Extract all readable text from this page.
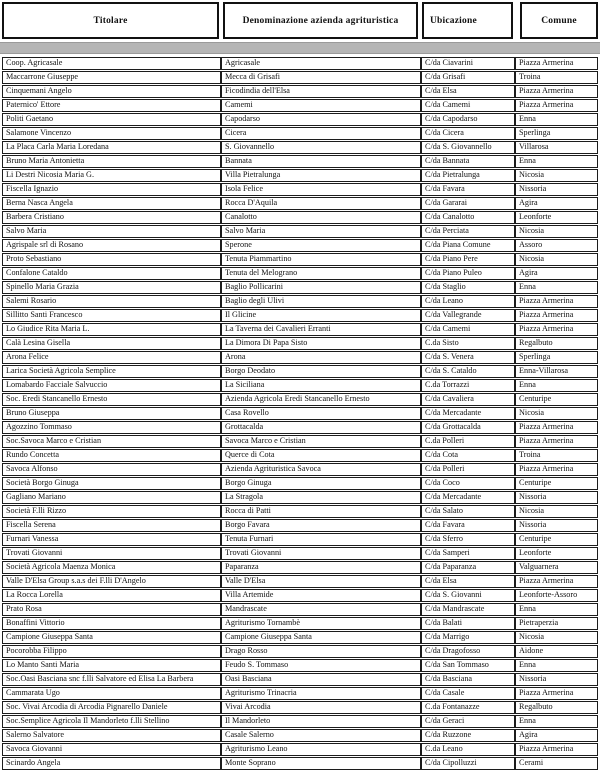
Titolare	Denominazione azienda agrituristica	Ubicazione	Comune
Coop. Agricasale	Agricasale	C/da Ciavarini	Piazza Armerina
Maccarrone Giuseppe	Mecca di Grisafi	C/da Grisafi	Troina
Cinquemani Angelo	Ficodindia dell'Elsa	C/da Elsa	Piazza Armerina
Paternico' Ettore	Camemi	C/da Camemi	Piazza Armerina
Politi Gaetano	Capodarso	C/da Capodarso	Enna
Salamone Vincenzo	Cicera	C/da Cicera	Sperlinga
La Placa Carla Maria Loredana	S. Giovannello	C/da S. Giovannello	Villarosa
Bruno Maria Antonietta	Bannata	C/da Bannata	Enna
Li Destri Nicosia Maria G.	Villa Pietralunga	C/da Pietralunga	Nicosia
Fiscella Ignazio	Isola Felice	C/da Favara	Nissoria
Berna Nasca Angela	Rocca D'Aquila	C/da Gararai	Agira
Barbera Cristiano	Canalotto	C/da Canalotto	Leonforte
Salvo Maria	Salvo Maria	C/da Perciata	Nicosia
Agrispale srl di Rosano	Sperone	C/da Piana Comune	Assoro
Proto Sebastiano	Tenuta Piammartino	C/da Piano Pere	Nicosia
Confalone Cataldo	Tenuta del Melograno	C/da Piano Puleo	Agira
Spinello Maria Grazia	Baglio Pollicarini	C/da Staglio	Enna
Salemi Rosario	Baglio degli Ulivi	C/da Leano	Piazza Armerina
Sillitto Santi Francesco	Il Glicine	C/da Vallegrande	Piazza Armerina
Lo Giudice Rita Maria L.	La Taverna dei Cavalieri Erranti	C/da Camemi	Piazza Armerina
Calà Lesina Gisella	La Dimora Di Papa Sisto	C.da Sisto	Regalbuto
Arona Felice	Arona	C/da S. Venera	Sperlinga
Larica Società Agricola Semplice	Borgo Deodato	C/da S. Cataldo	Enna-Villarosa
Lomabardo Facciale Salvuccio	La Siciliana	C.da Torrazzi	Enna
Soc. Eredi Stancanello Ernesto	Azienda Agricola Eredi Stancanello Ernesto	C/da Cavaliera	Centuripe
Bruno Giuseppa	Casa Rovello	C/da Mercadante	Nicosia
Agozzino Tommaso	Grottacalda	C/da Grottacalda	Piazza Armerina
Soc.Savoca Marco e Cristian	Savoca Marco e Cristian	C.da Polleri	Piazza Armerina
Rundo Concetta	Querce di Cota	C/da Cota	Troina
Savoca Alfonso	Azienda Agrituristica Savoca	C/da Polleri	Piazza Armerina
Società Borgo Ginuga	Borgo Ginuga	C/da Coco	Centuripe
Gagliano Mariano	La Stragola	C/da Mercadante	Nissoria
Società F.lli Rizzo	Rocca di Patti	C/da Salato	Nicosia
Fiscella Serena	Borgo Favara	C/da Favara	Nissoria
Furnari Vanessa	Tenuta Furnari	C/da Sferro	Centuripe
Trovati Giovanni	Trovati Giovanni	C/da Samperi	Leonforte
Società Agricola Maenza Monica	Paparanza	C/da Paparanza	Valguarnera
Valle D'Elsa Group s.a.s dei F.lli D'Angelo	Valle D'Elsa	C/da Elsa	Piazza Armerina
La Rocca Lorella	Villa Artemide	C/da S. Giovanni	Leonforte-Assoro
Prato Rosa	Mandrascate	C/da Mandrascate	Enna
Bonaffini Vittorio	Agriturismo Tornambè	C/da Balati	Pietraperzia
Campione Giuseppa Santa	Campione Giuseppa Santa	C/da Marrigo	Nicosia
Pocorobba Filippo	Drago Rosso	C/da Dragofosso	Aidone
Lo Manto Santi Maria	Feudo S. Tommaso	C/da San Tommaso	Enna
Soc.Oasi Basciana snc f.lli Salvatore ed Elisa La Barbera	Oasi Basciana	C/da Basciana	Nissoria
Cammarata Ugo	Agriturismo Trinacria	C/da Casale	Piazza Armerina
Soc. Vivai Arcodia di Arcodia Pignarello Daniele	Vivai Arcodia	C.da Fontanazze	Regalbuto
Soc.Semplice Agricola Il Mandorleto f.lli Stellino	Il Mandorleto	C/da Geraci	Enna
Salerno Salvatore	Casale Salerno	C/da Ruzzone	Agira
Savoca Giovanni	Agriturismo Leano	C.da Leano	Piazza Armerina
Scinardo Angela	Monte Soprano	C/da Cipolluzzi	Cerami
